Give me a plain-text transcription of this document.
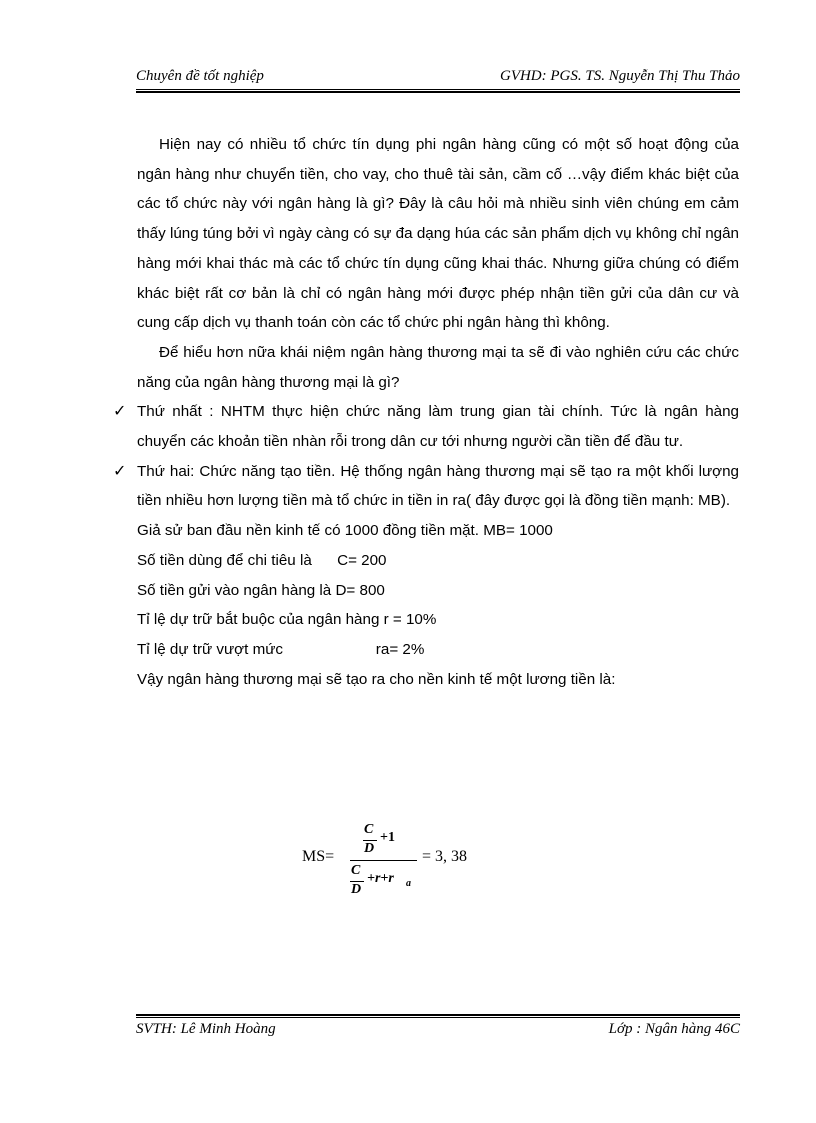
Chuyên đề tốt nghiệp	GVHD: PGS. TS. Nguyễn Thị Thu Thảo

Hiện nay có nhiều tổ chức tín dụng phi ngân hàng cũng có một số hoạt động của ngân hàng như chuyển tiền, cho vay, cho thuê tài sản, cầm cố …vậy điểm khác biệt của các tổ chức này với ngân hàng là gì? Đây là câu hỏi mà nhiều sinh viên chúng em cảm thấy lúng túng bởi vì ngày càng có sự đa dạng húa các sản phẩm dịch vụ không chỉ ngân hàng mới khai thác mà các tổ chức tín dụng cũng khai thác. Nhưng giữa chúng có điểm khác biệt rất cơ bản là chỉ có ngân hàng mới được phép nhận tiền gửi của dân cư và cung cấp dịch vụ thanh toán còn các tổ chức phi ngân hàng thì không.

Để hiểu hơn nữa khái niệm ngân hàng thương mại ta sẽ đi vào nghiên cứu các chức năng của ngân hàng thương mại là gì?

✓ Thứ nhất : NHTM thực hiện chức năng làm trung gian tài chính. Tức là ngân hàng chuyển các khoản tiền nhàn rỗi trong dân cư tới nhưng người cần tiền để đầu tư.

✓ Thứ hai: Chức năng tạo tiền. Hệ thống ngân hàng thương mại sẽ tạo ra một khối lượng tiền nhiều hơn lượng tiền mà tổ chức in tiền in ra( đây được gọi là đồng tiền mạnh: MB).

Giả sử ban đầu nền kinh tế có 1000 đồng tiền mặt. MB= 1000

Số tiền dùng để chi tiêu là      C= 200

Số tiền gửi vào ngân hàng là D= 800

Tỉ lệ dự trữ bắt buộc của ngân hàng r = 10%

Tỉ lệ dự trữ vượt mức                      ra= 2%

Vậy ngân hàng thương mại sẽ tạo ra cho nền kinh tế một lương tiền là:

MS=
C
D
+1
C
D
+r+r a
= 3, 38
SVTH: Lê Minh Hoàng	Lớp : Ngân hàng 46C
